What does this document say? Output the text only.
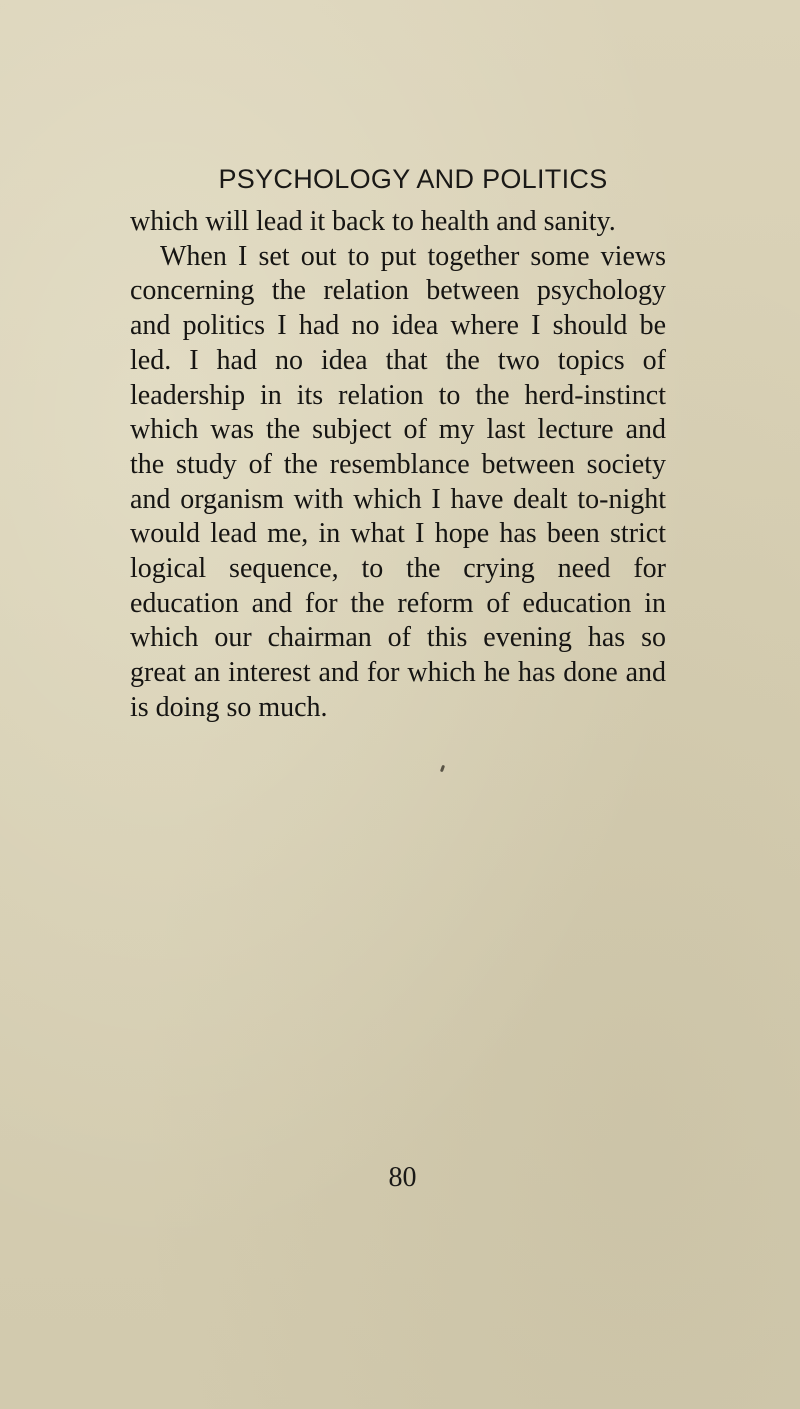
PSYCHOLOGY AND POLITICS

which will lead it back to health and sanity.

When I set out to put together some views concerning the relation between psychology and politics I had no idea where I should be led. I had no idea that the two topics of leadership in its relation to the herd-instinct which was the subject of my last lecture and the study of the resemblance between society and organism with which I have dealt to-night would lead me, in what I hope has been strict logical sequence, to the crying need for education and for the reform of education in which our chairman of this evening has so great an interest and for which he has done and is doing so much.

80
